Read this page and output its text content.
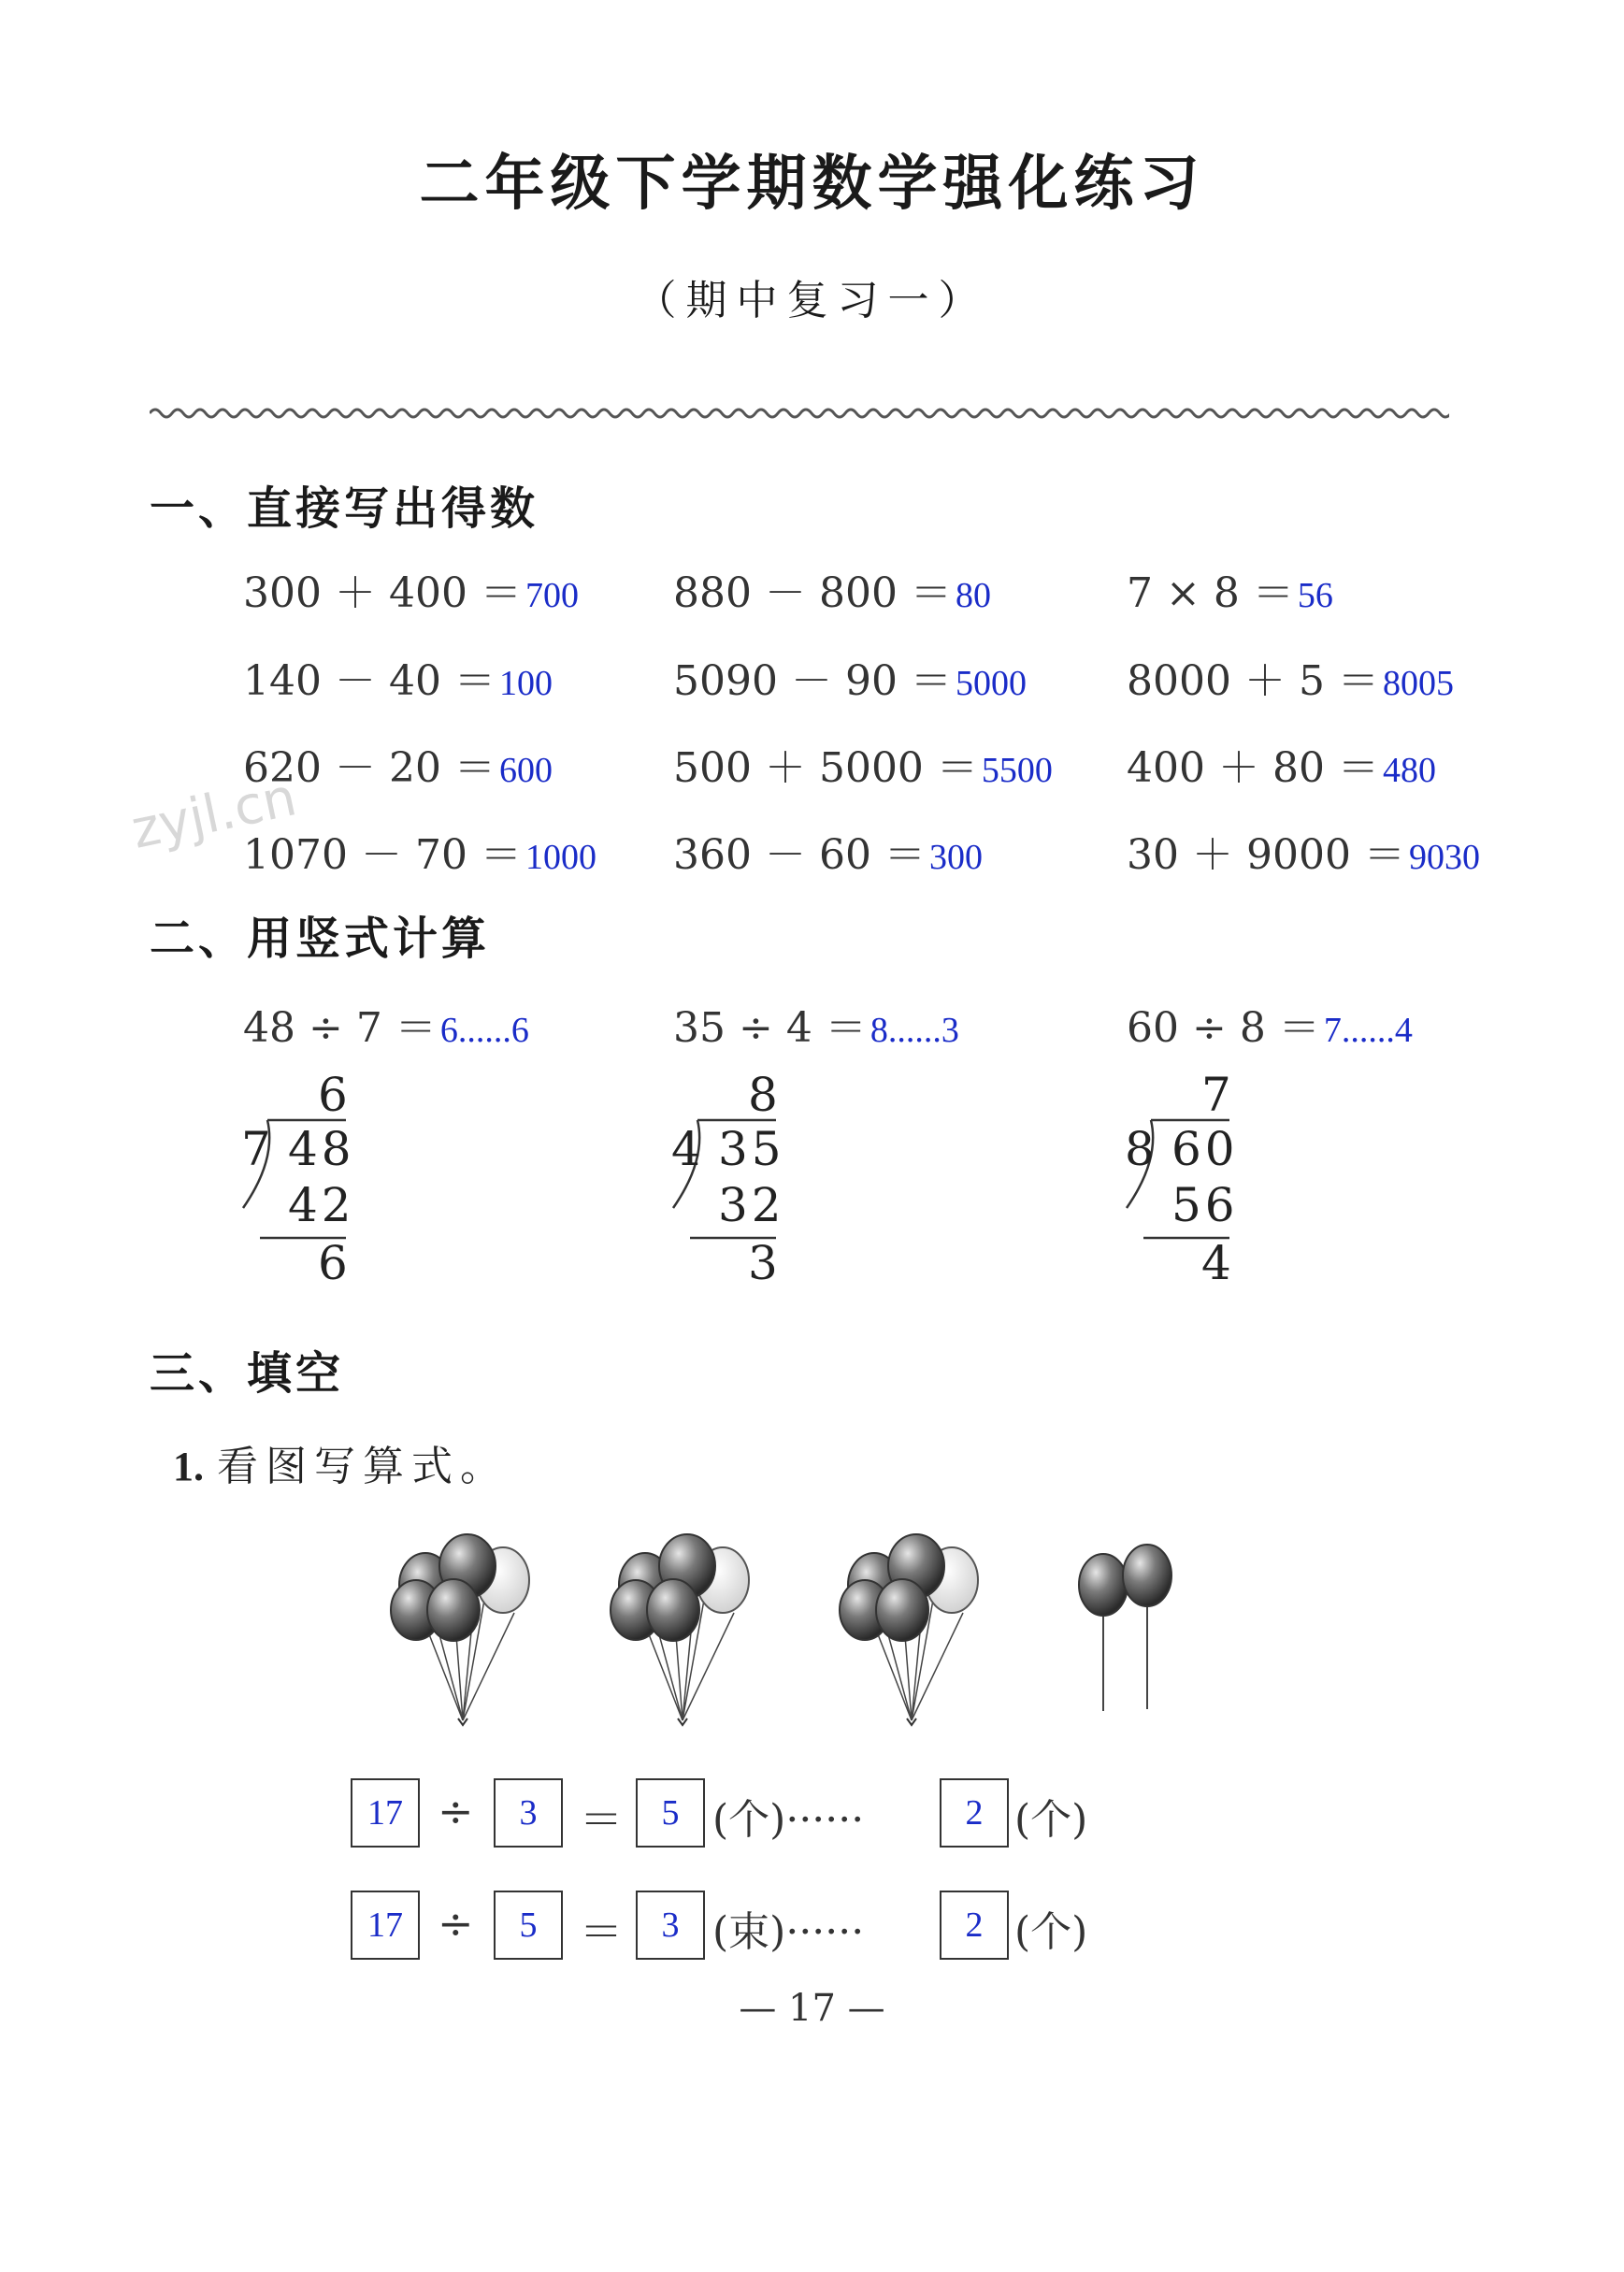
二年级下学期数学强化练习
（期中复习一）
zyjl.cn
一、直接写出得数
300 ＋ 400 ＝ 700 880 － 800 ＝ 80	7 × 8 ＝ 56
140 － 40 ＝ 100	5090 － 90 ＝ 5000 8000 ＋ 5 ＝ 8005
620 － 20 ＝ 600	500 ＋ 5000 ＝ 5500 400 ＋ 80 ＝ 480
1070 － 70 ＝ 1000 360 － 60 ＝ 300	30 ＋ 9000 ＝ 9030
二、用竖式计算
48 ÷ 7 ＝ 6......6
6
7 48
42
6
35 ÷ 4 ＝ 8......3
8
4 35
32
3
60 ÷ 8 ＝ 7......4
7
8 60
56
4
三、填空
1. 看图写算式。
17 ÷	3 ＝	5 (个)······	2 (个)
17 ÷	5 ＝	3 (束)······	2 (个)
— 17 —
